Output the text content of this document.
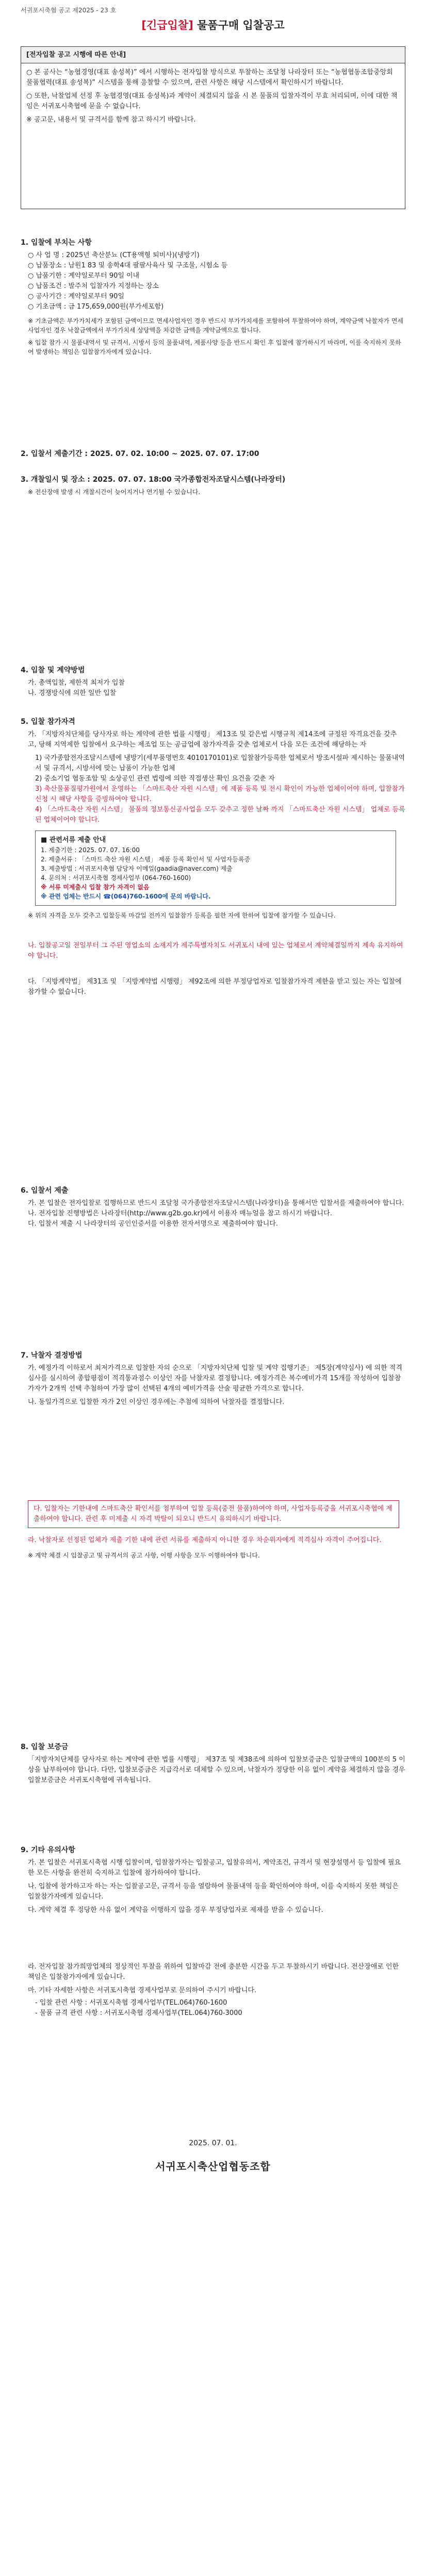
서귀포시축협 공고 제2025 - 23 호
[긴급입찰] 물품구매 입찰공고
[전자입찰 공고 시행에 따른 안내]

○ 본 공사는 “농협경영(대표 송성복)” 에서 시행하는 전자입찰 방식으로 투찰하는 조달청 나라장터 또는 “농협협동조합중앙회 물품협력(대표 송성복)” 시스템을 통해 응찰할 수 있으며, 관련 사항은 해당 시스템에서 확인하시기 바랍니다.

○ 또한, 낙찰업체 선정 후 농협경영(대표 송성복)과 계약이 체결되지 않을 시 본 물품의 입찰자격이 무효 처리되며, 이에 대한 책임은 서귀포시축협에 묻을 수 없습니다.

※ 공고문, 내용서 및 규격서를 함께 참고 하시기 바랍니다.

1. 입찰에 부치는 사항
○ 사 업 명 : 2025년 축산분뇨 (CT용액형 퇴비사)(냉방기)
○ 납품장소 : 남원1 83 및 송학4대 팔팔사육사 및 구조물, 시험소 등
○ 납품기한 : 계약일로부터 90일 이내
○ 납품조건 : 발주처 입찰자가 지정하는 장소
○ 공사기간 : 계약일로부터 90일
○ 기초금액 : 금 175,659,000원(부가세포함)
※ 기초금액은 부가가치세가 포함된 금액이므로 면세사업자인 경우 반드시 부가가치세를 포함하여 투찰하여야 하며, 계약금액 낙찰자가 면세사업자인 경우 낙찰금액에서 부가가치세 상당액을 차감한 금액을 계약금액으로 합니다.
※ 입찰 참가 시 물품내역서 및 규격서, 시방서 등의 물품내역, 제품사양 등을 반드시 확인 후 입찰에 참가하시기 바라며, 이를 숙지하지 못하여 발생하는 책임은 입찰참가자에게 있습니다.
2. 입찰서 제출기간 : 2025. 07. 02. 10:00 ~ 2025. 07. 07. 17:00
3. 개찰일시 및 장소 : 2025. 07. 07. 18:00 국가종합전자조달시스템(나라장터)
※ 전산장애 발생 시 개찰시간이 늦어지거나 연기될 수 있습니다.
4. 입찰 및 계약방법
가. 총액입찰, 제한적 최저가 입찰
나. 경쟁방식에 의한 일반 입찰
5. 입찰 참가자격
가. 「지방자치단체를 당사자로 하는 계약에 관한 법률 시행령」 제13조 및 같은법 시행규칙 제14조에 규정된 자격요건을 갖추고, 당해 지역제한 입찰에서 요구하는 제조업 또는 공급업에 참가자격을 갖춘 업체로서 다음 모든 조건에 해당하는 자
1) 국가종합전자조달시스템에 냉방기(세부품명번호 4010170101)로 입찰참가등록한 업체로서 방조시설파 제시하는 물품내역서 및 규격서, 시방서에 맞는 납품이 가능한 업체
2) 중소기업 협동조합 및 소상공인 관련 법령에 의한 직접생산 확인 요건을 갖춘 자
3) 축산물품질평가원에서 운영하는 「스마트축산 자원 시스템」에 제품 등록 및 전시 확인이 가능한 업체이어야 하며, 입찰참가 신청 시 해당 사항을 증빙하여야 합니다.
4) 「스마트축산 자원 시스템」 물품의 정보통신공사업을 모두 갖추고 정한 날짜 까지 「스마트축산 자원 시스템」 업체로 등록된 업체이어야 합니다.
■ 관련서류 제출 안내
1. 제출기한 : 2025. 07. 07. 16:00
2. 제출서류 : 「스마트 축산 자원 시스템」 제품 등록 확인서 및 사업자등록증
3. 제출방법 : 서귀포시축협 담당자 이메일(gaadia@naver.com) 제출
4. 문의처 : 서귀포시축협 경제사업부 (064-760-1600)
※ 서류 미제출시 입찰 참가 자격이 없음
※ 관련 업체는 반드시 ☎(064)760-1600에 문의 바랍니다.
※ 위의 자격을 모두 갖추고 입찰등록 마감일 전까지 입찰참가 등록을 필한 자에 한하여 입찰에 참가할 수 있습니다.
나. 입찰공고일 전일부터 그 주된 영업소의 소재지가 제주특별자치도 서귀포시 내에 있는 업체로서 계약체결일까지 계속 유지하여야 합니다.
다. 「지방계약법」 제31조 및 「지방계약법 시행령」 제92조에 의한 부정당업자로 입찰참가자격 제한을 받고 있는 자는 입찰에 참가할 수 없습니다.
6. 입찰서 제출
가. 본 입찰은 전자입찰로 집행하므로 반드시 조달청 국가종합전자조달시스템(나라장터)을 통해서만 입찰서를 제출하여야 합니다.
나. 전자입찰 진행방법은 나라장터(http://www.g2b.go.kr)에서 이용자 매뉴얼을 참고 하시기 바랍니다.
다. 입찰서 제출 시 나라장터의 공인인증서를 이용한 전자서명으로 제출하여야 합니다.
7. 낙찰자 결정방법
가. 예정가격 이하로서 최저가격으로 입찰한 자의 순으로 「지방자치단체 입찰 및 계약 집행기준」 제5장(계약심사) 에 의한 적격심사를 실시하여 종합평점이 적격통과점수 이상인 자를 낙찰자로 결정합니다. 예정가격은 복수예비가격 15개를 작성하여 입찰참가자가 2개씩 선택 추첨하여 가장 많이 선택된 4개의 예비가격을 산술 평균한 가격으로 합니다.
나. 동일가격으로 입찰한 자가 2인 이상인 경우에는 추첨에 의하여 낙찰자를 결정합니다.
다. 입찰자는 기한내에 스마트축산 확인서를 첨부하여 입찰 등록(중전 물품)하여야 하며, 사업자등록증을 서귀포시축협에 제출하여야 합니다. 관련 후 미제출 시 자격 박탈이 되오니 반드시 유의하시기 바랍니다.
라. 낙찰자로 선정된 업체가 제출 기한 내에 관련 서류를 제출하지 아니한 경우 차순위자에게 적격심사 자격이 주어집니다.
※ 계약 체결 시 입찰공고 및 규격서의 공고 사항, 이행 사항을 모두 이행하여야 합니다.
8. 입찰 보증금
「지방자치단체를 당사자로 하는 계약에 관한 법률 시행령」 제37조 및 제38조에 의하여 입찰보증금은 입찰금액의 100분의 5 이상을 납부하여야 합니다. 다만, 입찰보증금은 지급각서로 대체할 수 있으며, 낙찰자가 정당한 이유 없이 계약을 체결하지 않을 경우 입찰보증금은 서귀포시축협에 귀속됩니다.
9. 기타 유의사항
가. 본 입찰은 서귀포시축협 시행 입찰이며, 입찰참가자는 입찰공고, 입찰유의서, 계약조건, 규격서 및 현장설명서 등 입찰에 필요한 모든 사항을 완전히 숙지하고 입찰에 참가하여야 합니다.
나. 입찰에 참가하고자 하는 자는 입찰공고문, 규격서 등을 열람하여 물품내역 등을 확인하여야 하며, 이를 숙지하지 못한 책임은 입찰참가자에게 있습니다.
다. 계약 체결 후 정당한 사유 없이 계약을 이행하지 않을 경우 부정당업자로 제재를 받을 수 있습니다.
라. 전자입찰 참가희망업체의 정상적인 투찰을 위하여 입찰마감 전에 충분한 시간을 두고 투찰하시기 바랍니다. 전산장애로 인한 책임은 입찰참가자에게 있습니다.
마. 기타 자세한 사항은 서귀포시축협 경제사업부로 문의하여 주시기 바랍니다.
- 입찰 관련 사항 : 서귀포시축협 경제사업부(TEL.064)760-1600
- 물품 규격 관련 사항 : 서귀포시축협 경제사업부(TEL.064)760-3000
2025. 07. 01.
서귀포시축산업협동조합
